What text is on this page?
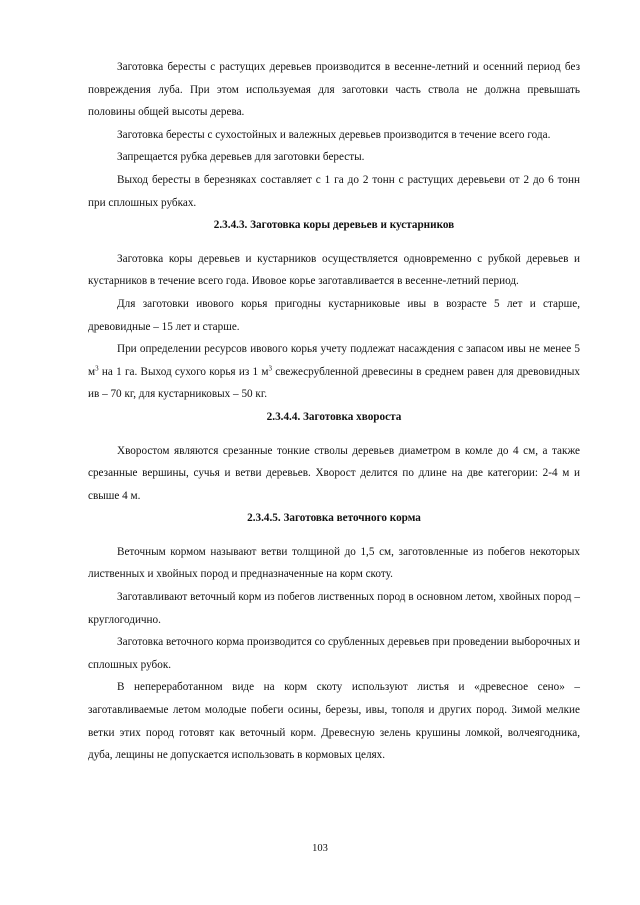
Заготовка бересты с растущих деревьев производится в весенне-летний и осенний период без повреждения луба. При этом используемая для заготовки часть ствола не должна превышать половины общей высоты дерева.

Заготовка бересты с сухостойных и валежных деревьев производится в течение всего года.

Запрещается рубка деревьев для заготовки бересты.

Выход бересты в березняках составляет с 1 га до 2 тонн с растущих деревьеви от 2 до 6 тонн при сплошных рубках.

2.3.4.3. Заготовка коры деревьев и кустарников

Заготовка коры деревьев и кустарников осуществляется одновременно с рубкой деревьев и кустарников в течение всего года. Ивовое корье заготавливается в весенне-летний период.

Для заготовки ивового корья пригодны кустарниковые ивы в возрасте 5 лет и старше, древовидные – 15 лет и старше.

При определении ресурсов ивового корья учету подлежат насаждения с запасом ивы не менее 5 $м^3$ на 1 га. Выход сухого корья из 1 $м^3$ свежесрубленной древесины в среднем равен для древовидных ив – 70 кг, для кустарниковых – 50 кг.

2.3.4.4. Заготовка хвороста

Хворостом являются срезанные тонкие стволы деревьев диаметром в комле до 4 см, а также срезанные вершины, сучья и ветви деревьев. Хворост делится по длине на две категории: 2-4 м и свыше 4 м.

2.3.4.5. Заготовка веточного корма

Веточным кормом называют ветви толщиной до 1,5 см, заготовленные из побегов некоторых лиственных и хвойных пород и предназначенные на корм скоту.

Заготавливают веточный корм из побегов лиственных пород в основном летом, хвойных пород – круглогодично.

Заготовка веточного корма производится со срубленных деревьев при проведении выборочных и сплошных рубок.

В непереработанном виде на корм скоту используют листья и «древесное сено» – заготавливаемые летом молодые побеги осины, березы, ивы, тополя и других пород. Зимой мелкие ветки этих пород готовят как веточный корм. Древесную зелень крушины ломкой, волчеягодника, дуба, лещины не допускается использовать в кормовых целях.

103
